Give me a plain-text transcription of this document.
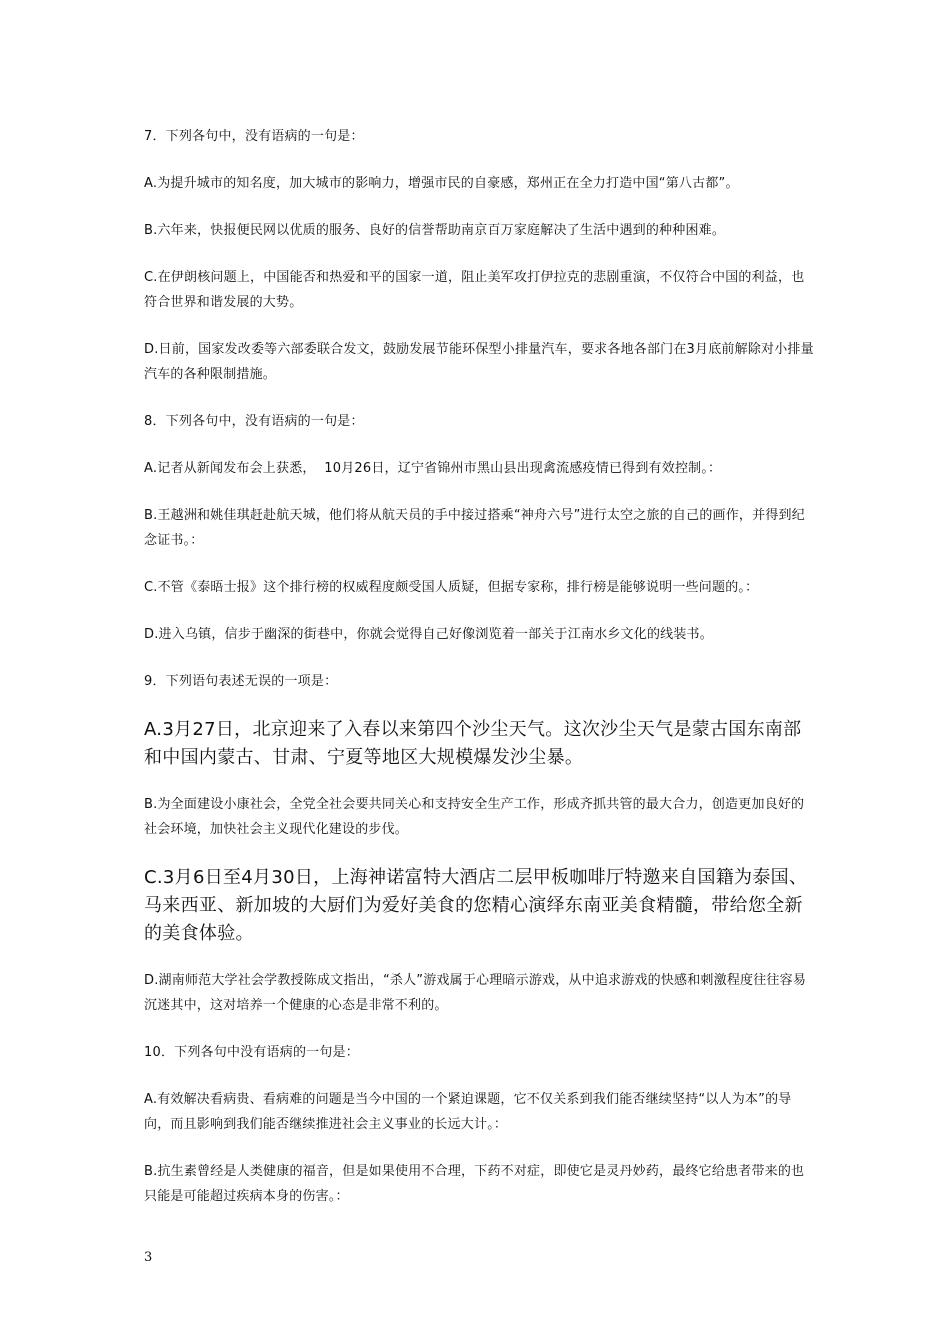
7．下列各句中，没有语病的一句是：

A.为提升城市的知名度，加大城市的影响力，增强市民的自豪感，郑州正在全力打造中国“第八古都”。

B.六年来，快报便民网以优质的服务、良好的信誉帮助南京百万家庭解决了生活中遇到的种种困难。

C.在伊朗核问题上，中国能否和热爱和平的国家一道，阻止美军攻打伊拉克的悲剧重演，不仅符合中国的利益，也符合世界和谐发展的大势。

D.日前，国家发改委等六部委联合发文，鼓励发展节能环保型小排量汽车，要求各地各部门在3月底前解除对小排量汽车的各种限制措施。

8．下列各句中，没有语病的一句是：

A.记者从新闻发布会上获悉，  10月26日，辽宁省锦州市黑山县出现禽流感疫情已得到有效控制。：

B.王越洲和姚佳琪赶赴航天城，他们将从航天员的手中接过搭乘“神舟六号”进行太空之旅的自己的画作，并得到纪念证书。：

C.不管《泰晤士报》这个排行榜的权威程度颇受国人质疑，但据专家称，排行榜是能够说明一些问题的。：

D.进入乌镇，信步于幽深的街巷中，你就会觉得自己好像浏览着一部关于江南水乡文化的线装书。

9．下列语句表述无误的一项是：

A.3月27日，北京迎来了入春以来第四个沙尘天气。这次沙尘天气是蒙古国东南部和中国内蒙古、甘肃、宁夏等地区大规模爆发沙尘暴。

B.为全面建设小康社会，全党全社会要共同关心和支持安全生产工作，形成齐抓共管的最大合力，创造更加良好的社会环境，加快社会主义现代化建设的步伐。

C.3月6日至4月30日，上海神诺富特大酒店二层甲板咖啡厅特邀来自国籍为泰国、马来西亚、新加坡的大厨们为爱好美食的您精心演绎东南亚美食精髓，带给您全新的美食体验。

D.湖南师范大学社会学教授陈成文指出，“杀人”游戏属于心理暗示游戏，从中追求游戏的快感和刺激程度往往容易沉迷其中，这对培养一个健康的心态是非常不利的。

10．下列各句中没有语病的一句是：

A.有效解决看病贵、看病难的问题是当今中国的一个紧迫课题，它不仅关系到我们能否继续坚持“以人为本”的导向，而且影响到我们能否继续推进社会主义事业的长远大计。：

B.抗生素曾经是人类健康的福音，但是如果使用不合理，下药不对症，即使它是灵丹妙药，最终它给患者带来的也只能是可能超过疾病本身的伤害。：

3
